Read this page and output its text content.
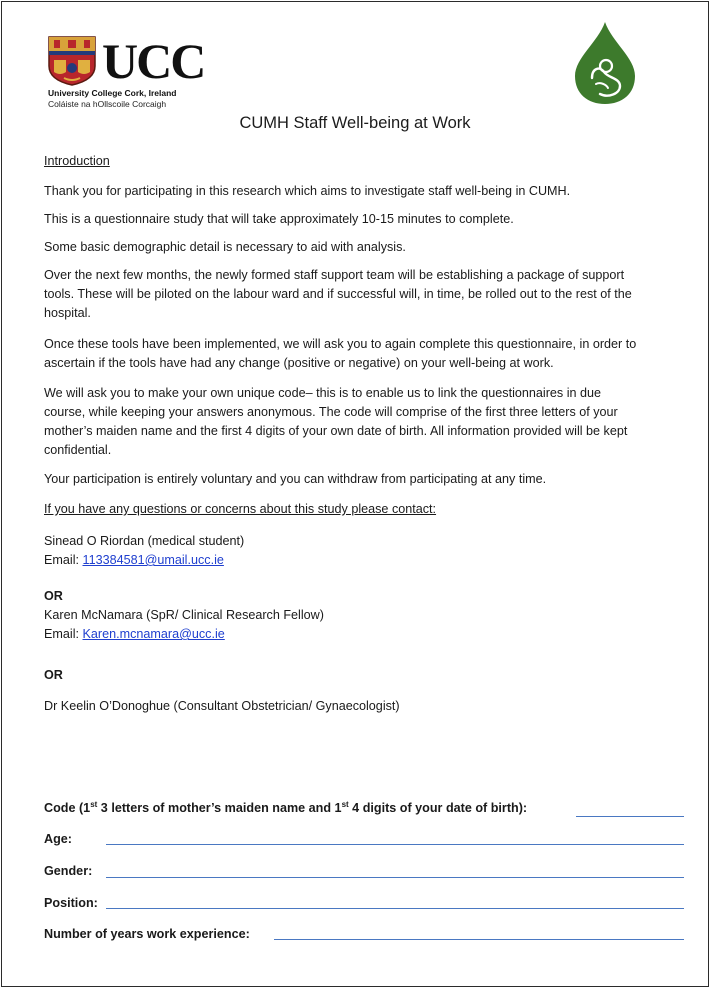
UCC
University College Cork, Ireland
Coláiste na hOllscoile Corcaigh
CUMH Staff Well-being at Work

Introduction

Thank you for participating in this research which aims to investigate staff well-being in CUMH.

This is a questionnaire study that will take approximately 10-15 minutes to complete.

Some basic demographic detail is necessary to aid with analysis.

Over the next few months, the newly formed staff support team will be establishing a package of support tools. These will be piloted on the labour ward and if successful will, in time, be rolled out to the rest of the hospital.

Once these tools have been implemented, we will ask you to again complete this questionnaire, in order to ascertain if the tools have had any change (positive or negative) on your well-being at work.

We will ask you to make your own unique code– this is to enable us to link the questionnaires in due course, while keeping your answers anonymous. The code will comprise of the first three letters of your mother’s maiden name and the first 4 digits of your own date of birth. All information provided will be kept confidential.

Your participation is entirely voluntary and you can withdraw from participating at any time.

If you have any questions or concerns about this study please contact:

Sinead O Riordan (medical student)

Email: 113384581@umail.ucc.ie

OR

Karen McNamara (SpR/ Clinical Research Fellow)

Email: Karen.mcnamara@ucc.ie

OR

Dr Keelin O’Donoghue (Consultant Obstetrician/ Gynaecologist)

Code (1st 3 letters of mother’s maiden name and 1st 4 digits of your date of birth):
Age:
Gender:
Position:
Number of years work experience:
